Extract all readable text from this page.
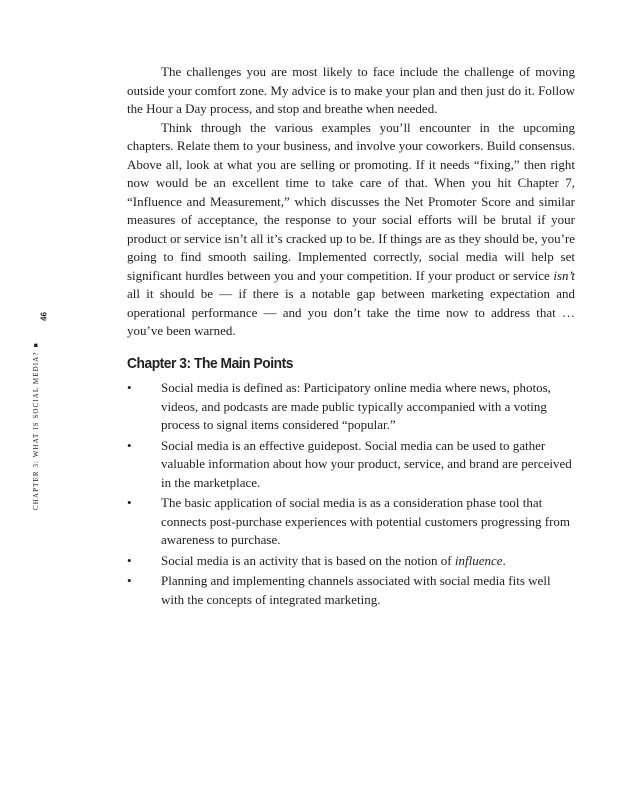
46
CHAPTER 3: WHAT IS SOCIAL MEDIA?■

The challenges you are most likely to face include the challenge of moving outside your comfort zone. My advice is to make your plan and then just do it. Follow the Hour a Day process, and stop and breathe when needed.

Think through the various examples you’ll encounter in the upcoming chapters. Relate them to your business, and involve your coworkers. Build consensus. Above all, look at what you are selling or promoting. If it needs “fixing,” then right now would be an excellent time to take care of that. When you hit Chapter 7, “Influence and Measurement,” which discusses the Net Promoter Score and similar measures of acceptance, the response to your social efforts will be brutal if your product or service isn’t all it’s cracked up to be. If things are as they should be, you’re going to find smooth sailing. Implemented correctly, social media will help set significant hurdles between you and your competition. If your product or service isn’t all it should be — if there is a notable gap between marketing expectation and operational performance — and you don’t take the time now to address that … you’ve been warned.

Chapter 3: The Main Points
•	Social media is defined as: Participatory online media where news, photos, videos, and podcasts are made public typically accompanied with a voting process to signal items considered “popular.”
•	Social media is an effective guidepost. Social media can be used to gather valuable information about how your product, service, and brand are perceived in the marketplace.
•	The basic application of social media is as a consideration phase tool that connects post-purchase experiences with potential customers progressing from awareness to purchase.
•	Social media is an activity that is based on the notion of influence.
•	Planning and implementing channels associated with social media fits well with the concepts of integrated marketing.
